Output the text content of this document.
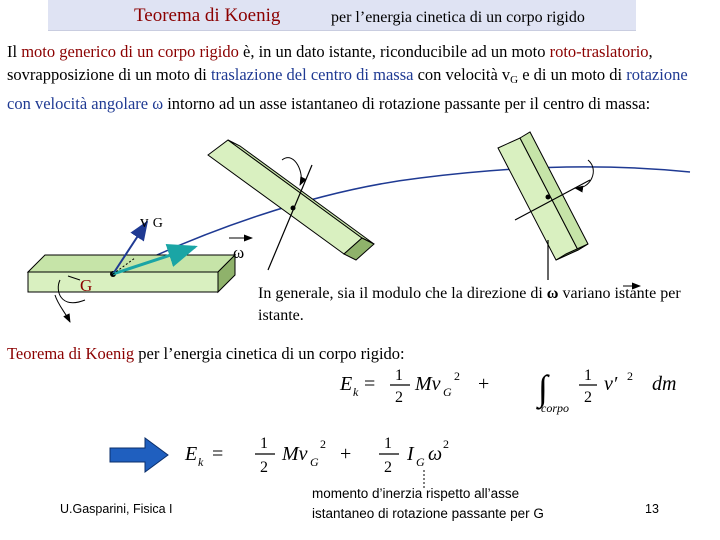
Teorema di Koenig	per l’energia cinetica di un corpo rigido

Il moto generico di un corpo rigido è, in un dato istante, riconducibile ad un moto roto-traslatorio, sovrapposizione di un moto di traslazione del centro di massa con velocità $v_G$ e di un moto di rotazione con velocità angolare ω intorno ad un asse istantaneo di rotazione passante per il centro di massa:

v G
ω
G	In generale, sia il modulo che la direzione di ω variano istante per istante.
Teorema di Koenig per l’energia cinetica di un corpo rigido:
E k = 1
2
Mv G
2 + ∫
corpo
1
2
v′ 2 dm
E k = 1
2
Mv G
2 + 1
2
I G ω 2
U.Gasparini, Fisica I
momento d’inerzia rispetto all’asse
istantaneo di rotazione passante per G	13
